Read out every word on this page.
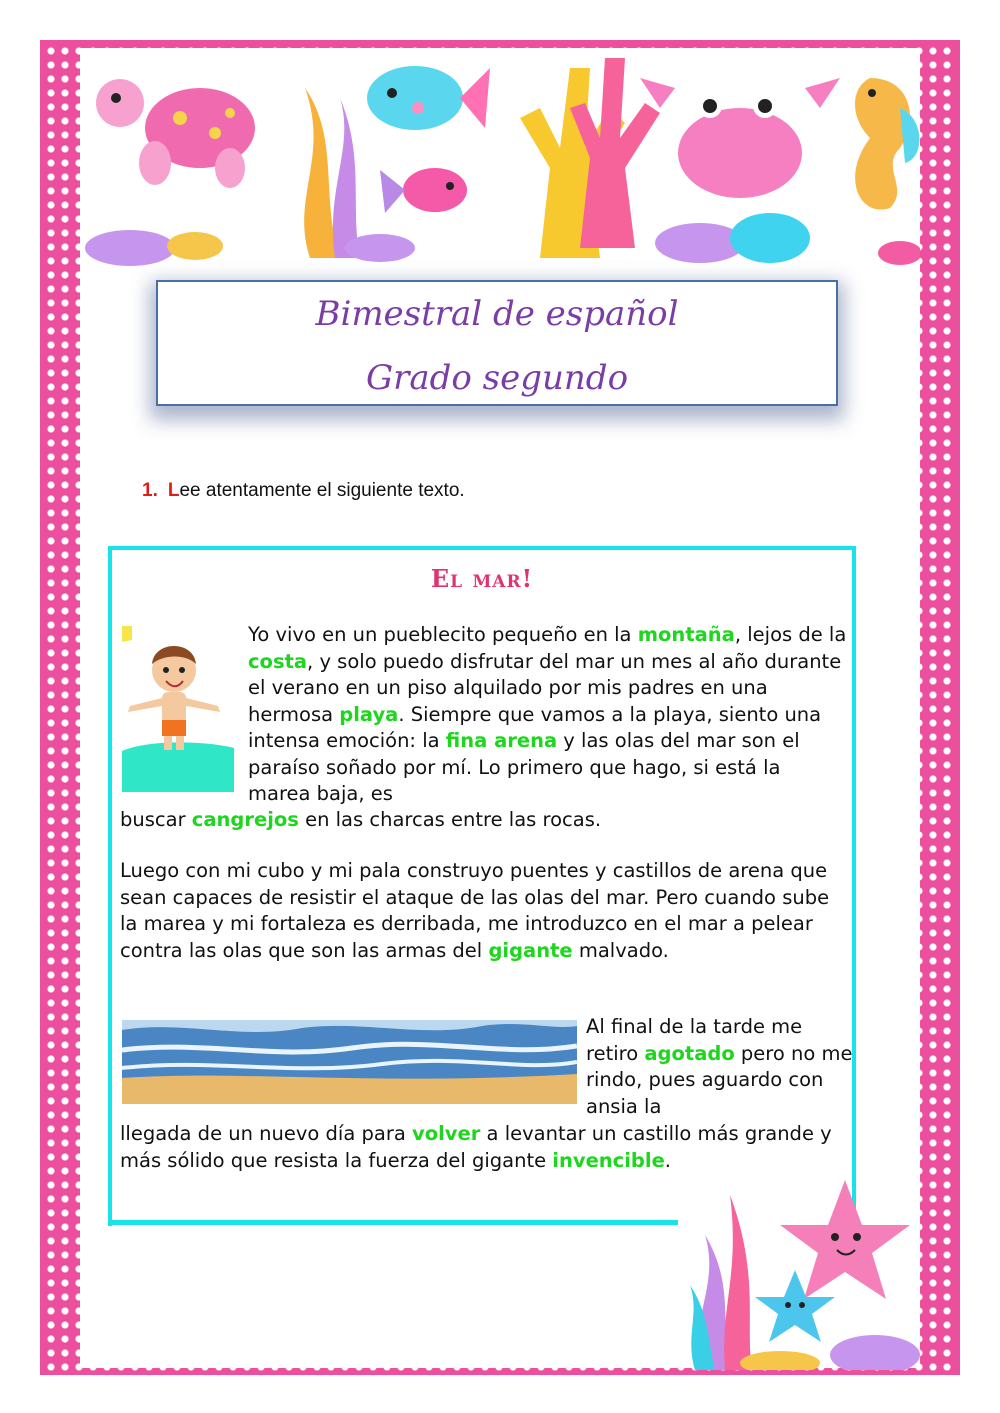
Bimestral de español
Grado segundo
1. Lee atentamente el siguiente texto.
El mar!
Yo vivo en un pueblecito pequeño en la montaña, lejos de la costa, y solo puedo disfrutar del mar un mes al año durante el verano en un piso alquilado por mis padres en una hermosa playa. Siempre que vamos a la playa, siento una intensa emoción: la fina arena y las olas del mar son el paraíso soñado por mí. Lo primero que hago, si está la marea baja, es
buscar cangrejos en las charcas entre las rocas.
Luego con mi cubo y mi pala construyo puentes y castillos de arena que sean capaces de resistir el ataque de las olas del mar. Pero cuando sube la marea y mi fortaleza es derribada, me introduzco en el mar a pelear contra las olas que son las armas del gigante malvado.
Al final de la tarde me retiro agotado pero no me rindo, pues aguardo con ansia la
llegada de un nuevo día para volver a levantar un castillo más grande y más sólido que resista la fuerza del gigante invencible.
